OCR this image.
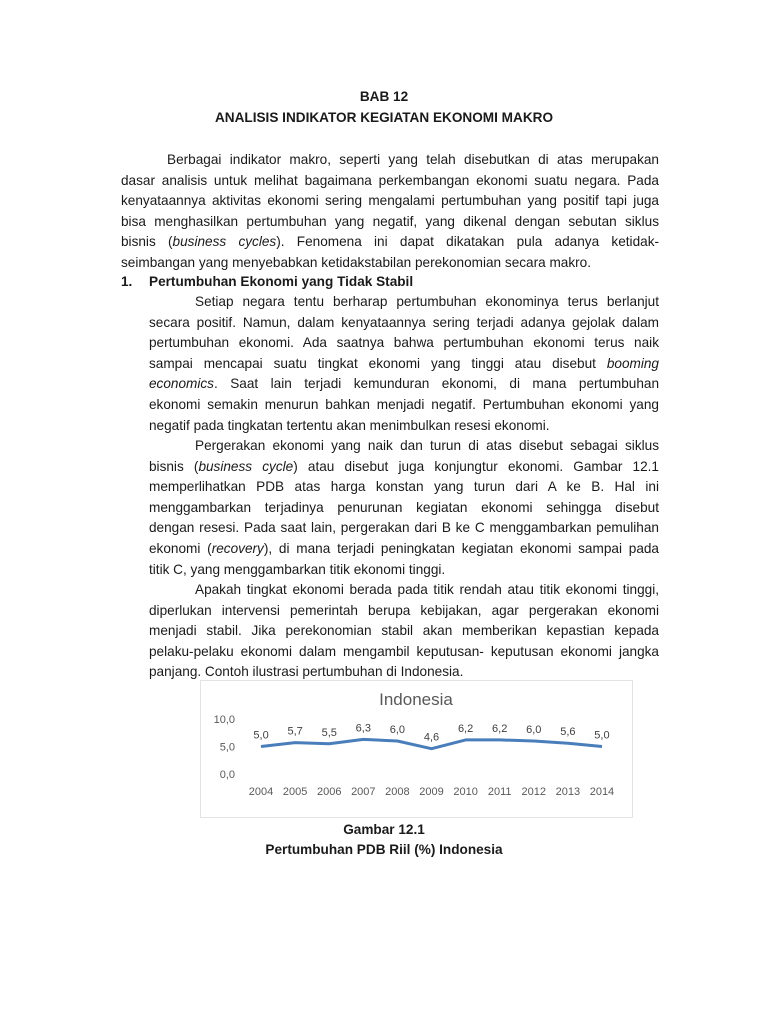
BAB 12
ANALISIS INDIKATOR KEGIATAN EKONOMI MAKRO
Berbagai indikator makro, seperti yang telah disebutkan di atas merupakan
dasar analisis untuk melihat bagaimana perkembangan ekonomi suatu negara. Pada
kenyataannya aktivitas ekonomi sering mengalami pertumbuhan yang positif tapi juga
bisa menghasilkan pertumbuhan yang negatif, yang dikenal dengan sebutan siklus
bisnis (business cycles). Fenomena ini dapat dikatakan pula adanya ketidak-
seimbangan yang menyebabkan ketidakstabilan perekonomian secara makro.
1. Pertumbuhan Ekonomi yang Tidak Stabil
Setiap negara tentu berharap pertumbuhan ekonominya terus berlanjut
secara positif. Namun, dalam kenyataannya sering terjadi adanya gejolak dalam
pertumbuhan ekonomi. Ada saatnya bahwa pertumbuhan ekonomi terus naik
sampai mencapai suatu tingkat ekonomi yang tinggi atau disebut booming
economics. Saat lain terjadi kemunduran ekonomi, di mana pertumbuhan
ekonomi semakin menurun bahkan menjadi negatif. Pertumbuhan ekonomi yang
negatif pada tingkatan tertentu akan menimbulkan resesi ekonomi.
Pergerakan ekonomi yang naik dan turun di atas disebut sebagai siklus
bisnis (business cycle) atau disebut juga konjungtur ekonomi. Gambar 12.1
memperlihatkan PDB atas harga konstan yang turun dari A ke B. Hal ini
menggambarkan terjadinya penurunan kegiatan ekonomi sehingga disebut
dengan resesi. Pada saat lain, pergerakan dari B ke C menggambarkan pemulihan
ekonomi (recovery), di mana terjadi peningkatan kegiatan ekonomi sampai pada
titik C, yang menggambarkan titik ekonomi tinggi.
Apakah tingkat ekonomi berada pada titik rendah atau titik ekonomi tinggi,
diperlukan intervensi pemerintah berupa kebijakan, agar pergerakan ekonomi
menjadi stabil. Jika perekonomian stabil akan memberikan kepastian kepada
pelaku-pelaku ekonomi dalam mengambil keputusan- keputusan ekonomi jangka
panjang. Contoh ilustrasi pertumbuhan di Indonesia.
Indonesia
0,0
5,0
10,0
2004 2005 2006 2007 2008 2009 2010 2011 2012 2013 2014
5,0 5,7 5,5 6,3 6,0
4,6
6,2 6,2 6,0 5,6 5,0
Gambar 12.1
Pertumbuhan PDB Riil (%) Indonesia
